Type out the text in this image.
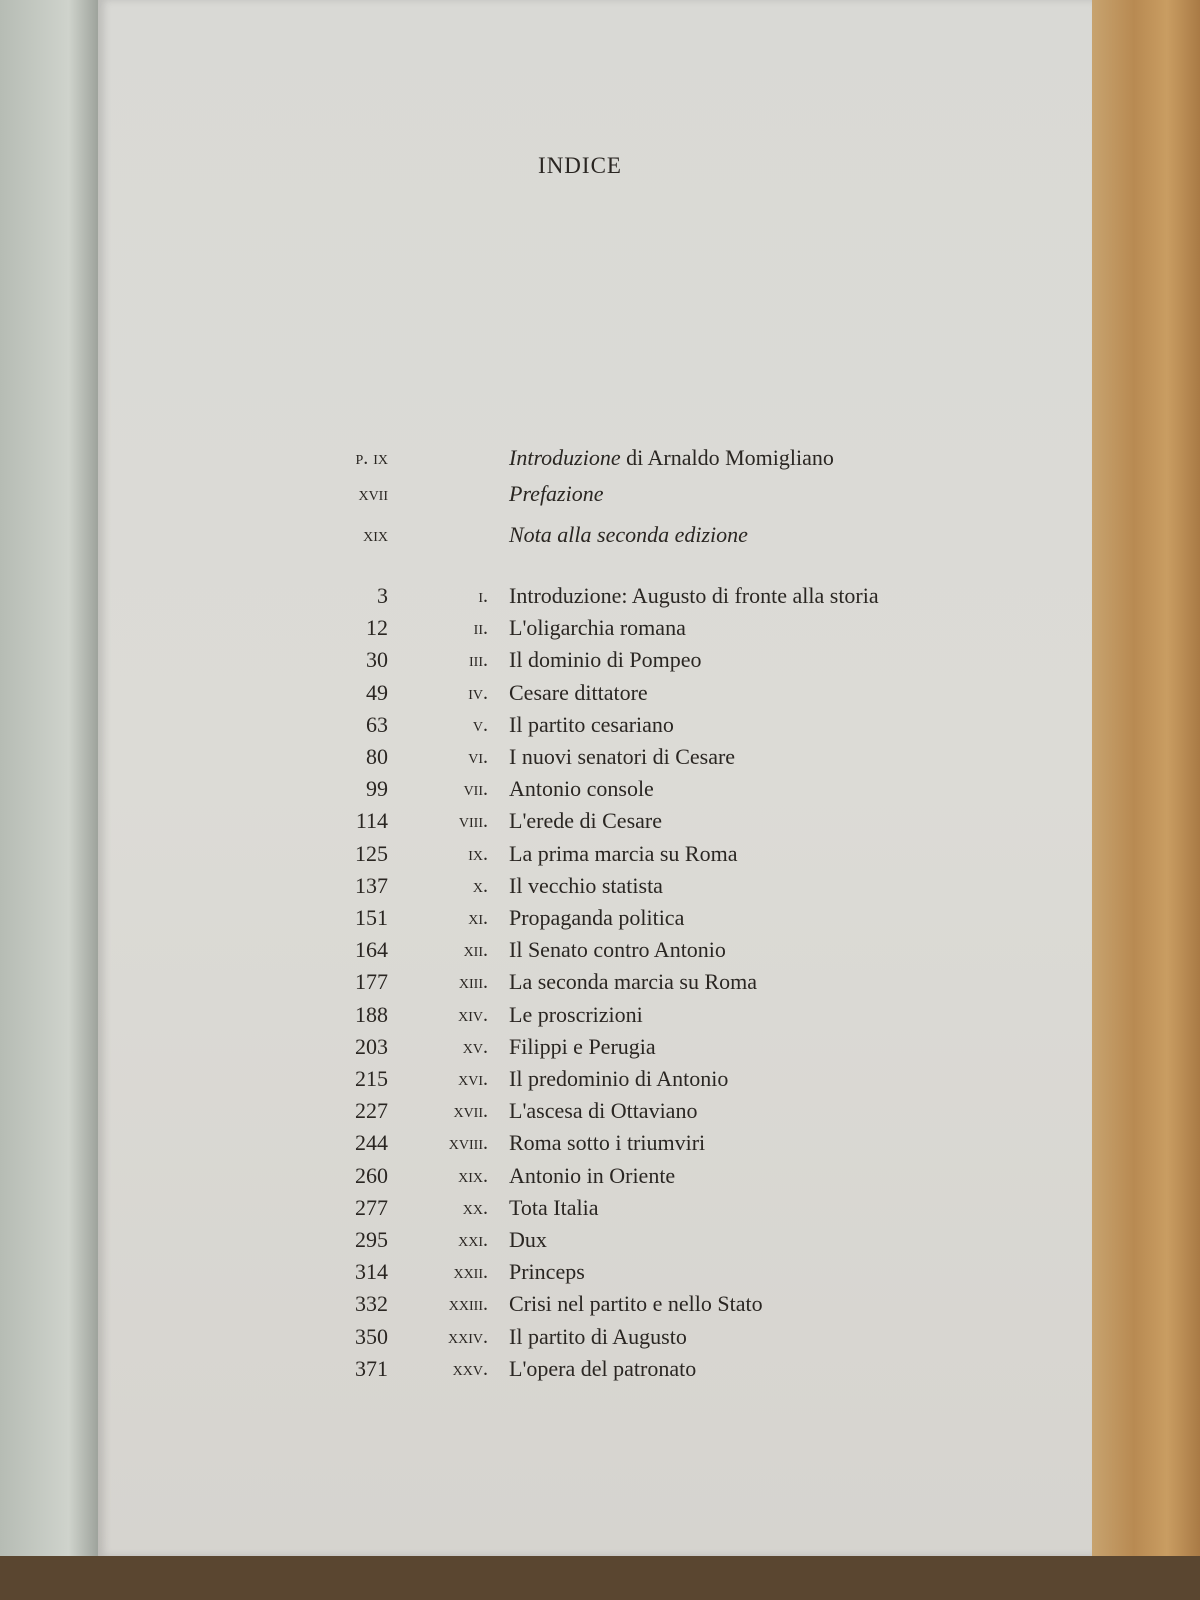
INDICE
p. ix	Introduzione di Arnaldo Momigliano
xvii	Prefazione
xix	Nota alla seconda edizione
3	i. Introduzione: Augusto di fronte alla storia
12	ii. L'oligarchia romana
30	iii. Il dominio di Pompeo
49	iv. Cesare dittatore
63	v. Il partito cesariano
80	vi. I nuovi senatori di Cesare
99	vii. Antonio console
114	viii. L'erede di Cesare
125	ix. La prima marcia su Roma
137	x. Il vecchio statista
151	xi. Propaganda politica
164	xii. Il Senato contro Antonio
177	xiii. La seconda marcia su Roma
188	xiv. Le proscrizioni
203	xv. Filippi e Perugia
215	xvi. Il predominio di Antonio
227	xvii. L'ascesa di Ottaviano
244	xviii. Roma sotto i triumviri
260	xix. Antonio in Oriente
277	xx. Tota Italia
295	xxi. Dux
314	xxii. Princeps
332	xxiii. Crisi nel partito e nello Stato
350	xxiv. Il partito di Augusto
371	xxv. L'opera del patronato
